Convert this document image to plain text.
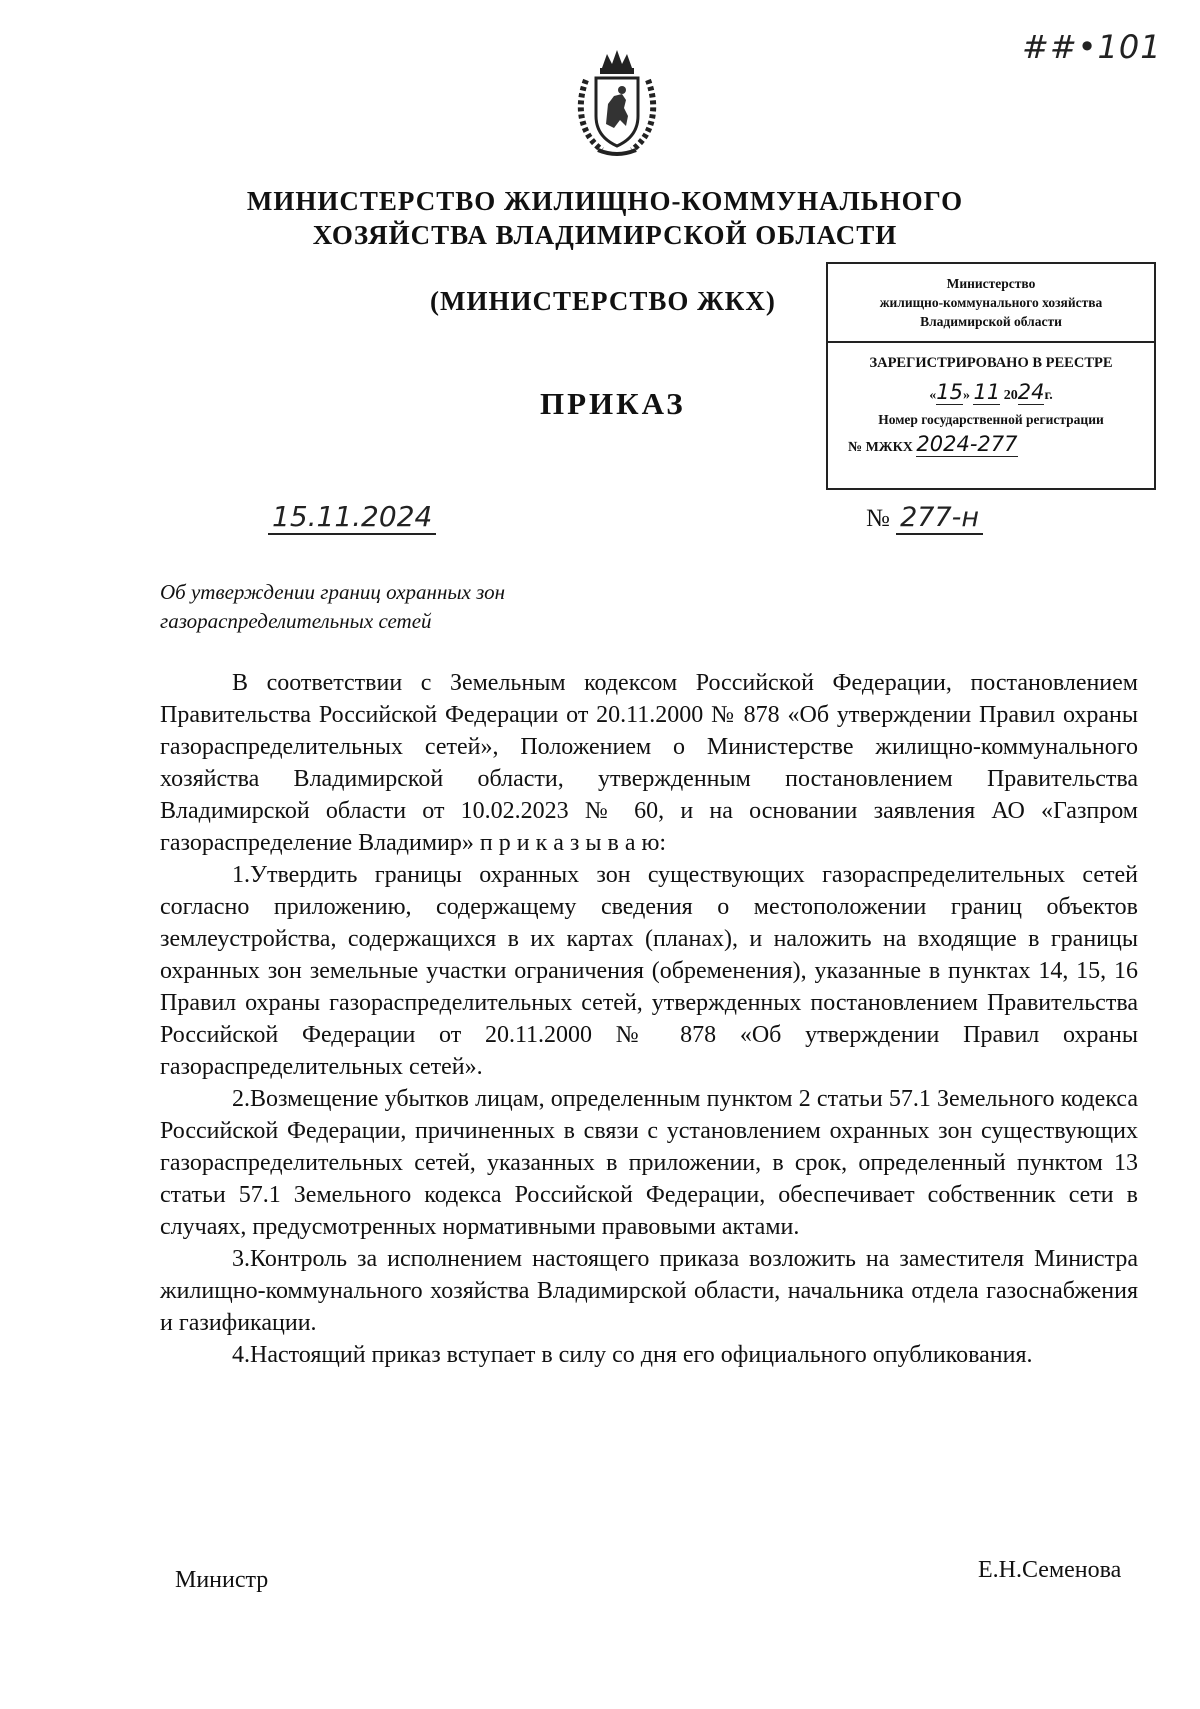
##•101
МИНИСТЕРСТВО ЖИЛИЩНО-КОММУНАЛЬНОГО
ХОЗЯЙСТВА ВЛАДИМИРСКОЙ ОБЛАСТИ
(МИНИСТЕРСТВО ЖКХ)
ПРИКАЗ
Министерство
жилищно-коммунального хозяйства
Владимирской области
ЗАРЕГИСТРИРОВАНО В РЕЕСТРЕ
«15» 11 2024г.
Номер государственной регистрации
№ МЖКХ 2024-277
15.11.2024	№ 277-н
Об утверждении границ охранных зон
газораспределительных сетей

В соответствии с Земельным кодексом Российской Федерации, постановлением Правительства Российской Федерации от 20.11.2000 № 878 «Об утверждении Правил охраны газораспределительных сетей», Положением о Министерстве жилищно-коммунального хозяйства Владимирской области, утвержденным постановлением Правительства Владимирской области от 10.02.2023 № 60, и на основании заявления АО «Газпром газораспределение Владимир» п р и к а з ы в а ю:

1.Утвердить границы охранных зон существующих газораспределительных сетей согласно приложению, содержащему сведения о местоположении границ объектов землеустройства, содержащихся в их картах (планах), и наложить на входящие в границы охранных зон земельные участки ограничения (обременения), указанные в пунктах 14, 15, 16 Правил охраны газораспределительных сетей, утвержденных постановлением Правительства Российской Федерации от 20.11.2000 № 878 «Об утверждении Правил охраны газораспределительных сетей».

2.Возмещение убытков лицам, определенным пунктом 2 статьи 57.1 Земельного кодекса Российской Федерации, причиненных в связи с установлением охранных зон существующих газораспределительных сетей, указанных в приложении, в срок, определенный пунктом 13 статьи 57.1 Земельного кодекса Российской Федерации, обеспечивает собственник сети в случаях, предусмотренных нормативными правовыми актами.

3.Контроль за исполнением настоящего приказа возложить на заместителя Министра жилищно-коммунального хозяйства Владимирской области, начальника отдела газоснабжения и газификации.

4.Настоящий приказ вступает в силу со дня его официального опубликования.

Министр	Е.Н.Семенова
